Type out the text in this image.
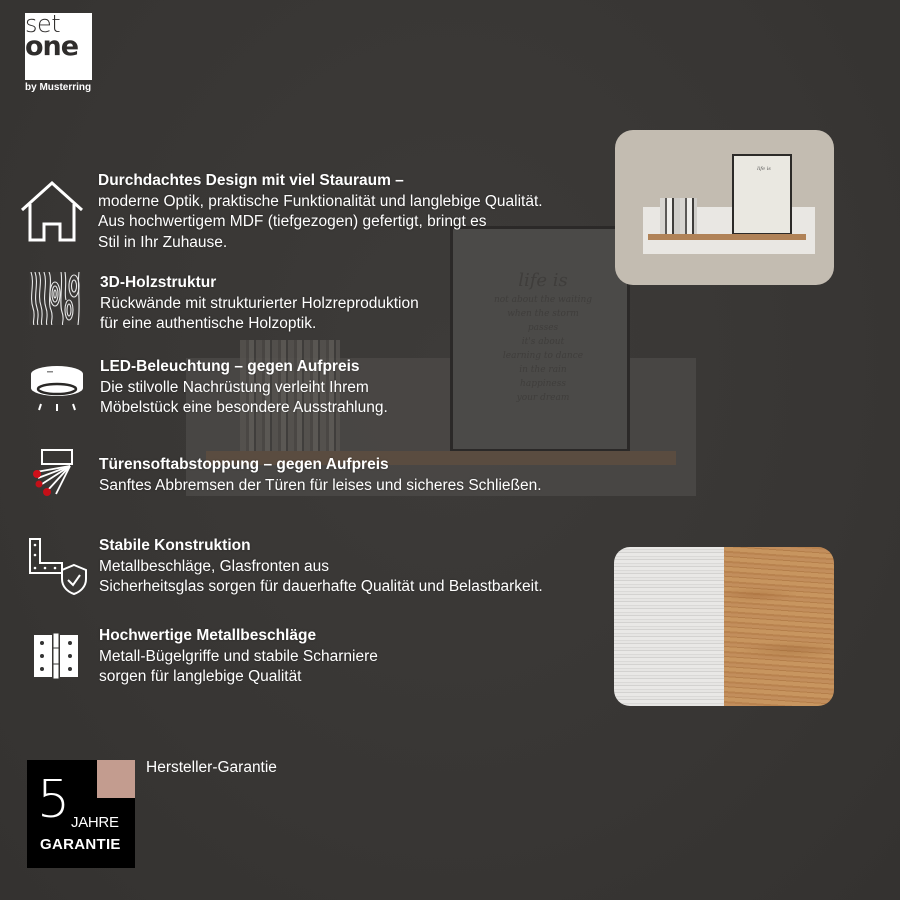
life is
not about the waiting
when the storm passes
it's about
learning to dance
in the rain
happiness
your dream
set
one
by Musterring
Durchdachtes Design mit viel Stauraum –
moderne Optik, praktische Funktionalität und langlebige Qualität.
Aus hochwertigem MDF (tiefgezogen) gefertigt, bringt es
Stil in Ihr Zuhause.
3D-Holzstruktur
Rückwände mit strukturierter Holzreproduktion
für eine authentische Holzoptik.
LED-Beleuchtung – gegen Aufpreis
Die stilvolle Nachrüstung verleiht Ihrem
Möbelstück eine besondere Ausstrahlung.
Türensoftabstoppung – gegen Aufpreis
Sanftes Abbremsen der Türen für leises und sicheres Schließen.
Stabile Konstruktion
Metallbeschläge, Glasfronten aus
Sicherheitsglas sorgen für dauerhafte Qualität und Belastbarkeit.
Hochwertige Metallbeschläge
Metall-Bügelgriffe und stabile Scharniere
sorgen für langlebige Qualität
life is
5 JAHRE
GARANTIE
Hersteller-Garantie
